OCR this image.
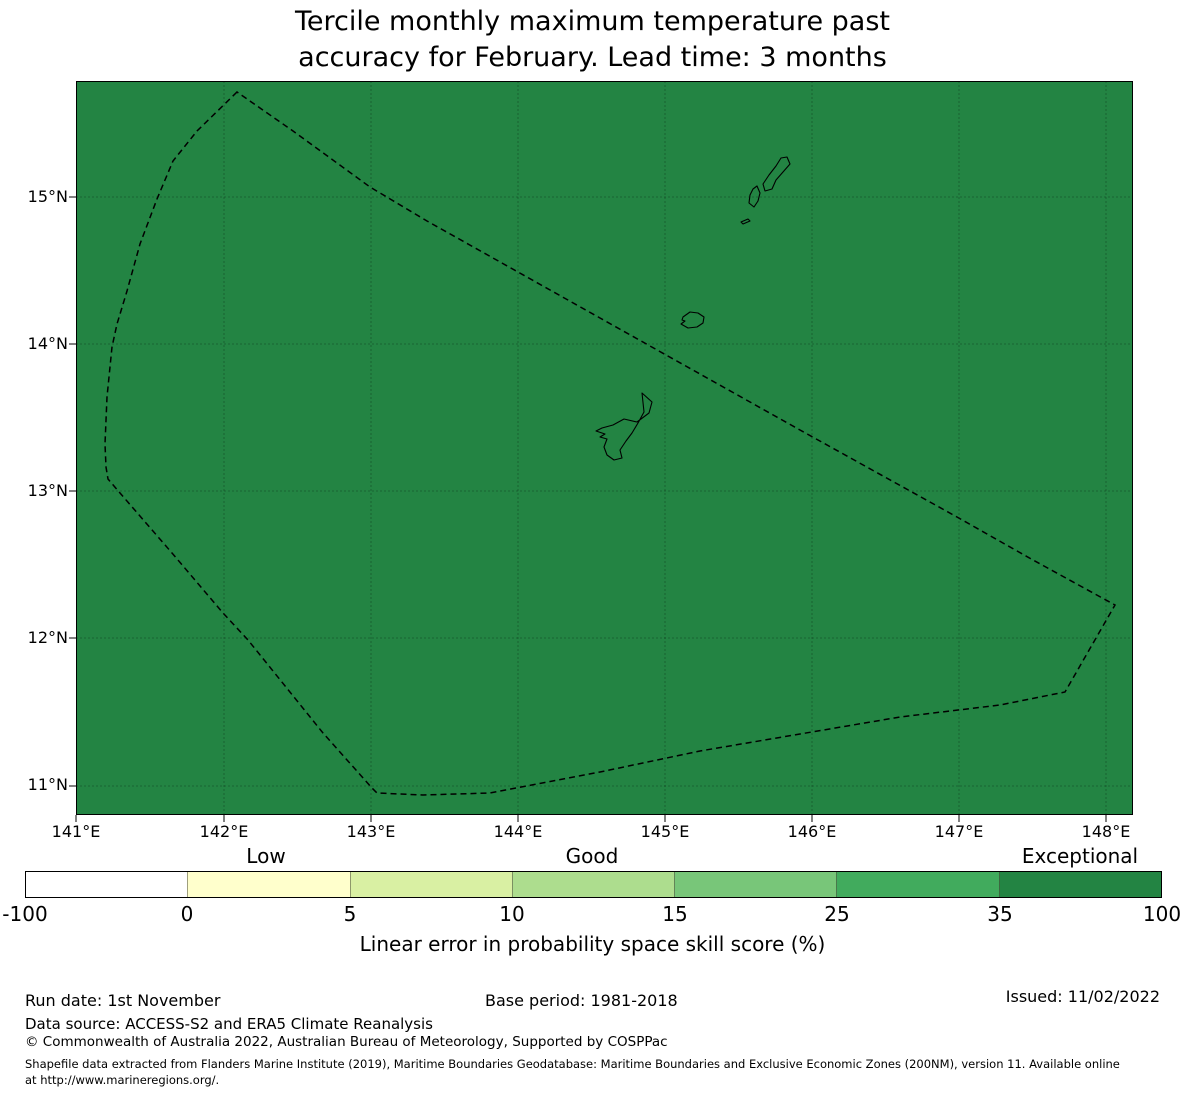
Tercile monthly maximum temperature past
accuracy for February. Lead time: 3 months
15°N
14°N
13°N
12°N
11°N
141°E	142°E	143°E	144°E	145°E	146°E	147°E	148°E
Low	Good	Exceptional
-100	0	5	10	15	25	35	100
Linear error in probability space skill score (%)
Run date: 1st November	Base period: 1981-2018	Issued: 11/02/2022
Data source: ACCESS-S2 and ERA5 Climate Reanalysis
© Commonwealth of Australia 2022, Australian Bureau of Meteorology, Supported by COSPPac
Shapefile data extracted from Flanders Marine Institute (2019), Maritime Boundaries Geodatabase: Maritime Boundaries and Exclusive Economic Zones (200NM), version 11. Available online
at http://www.marineregions.org/.
